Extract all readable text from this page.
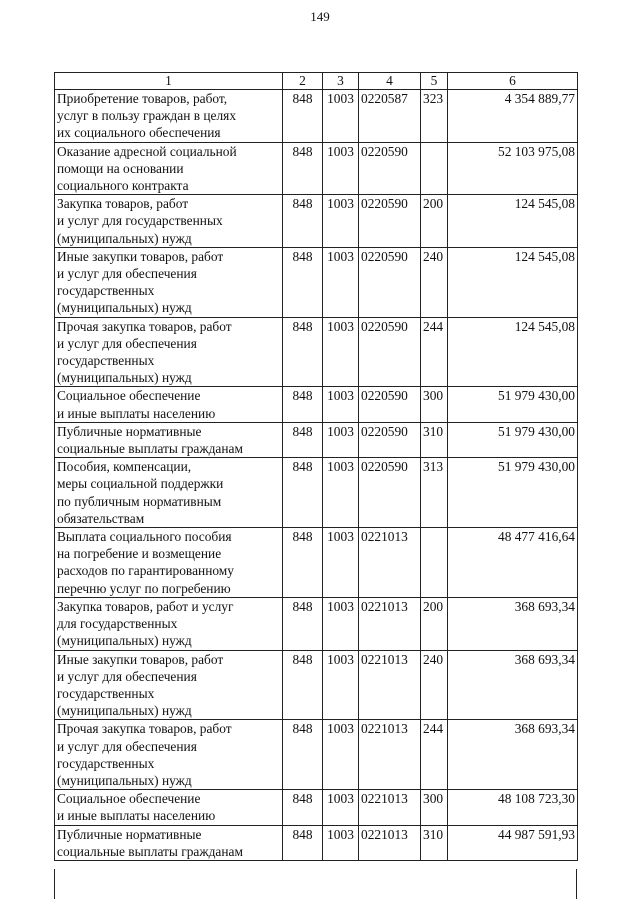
149
1	2	3	4	5	6

Приобретение товаров, работ,
услуг в пользу граждан в целях
их социального обеспечения	848	1003	0220587	323	4 354 889,77

Оказание адресной социальной
помощи на основании
социального контракта	848	1003	0220590		52 103 975,08

Закупка товаров, работ
и услуг для государственных
(муниципальных) нужд	848	1003	0220590	200	124 545,08

Иные закупки товаров, работ
и услуг для обеспечения
государственных
(муниципальных) нужд	848	1003	0220590	240	124 545,08

Прочая закупка товаров, работ
и услуг для обеспечения
государственных
(муниципальных) нужд	848	1003	0220590	244	124 545,08

Социальное обеспечение
и иные выплаты населению	848	1003	0220590	300	51 979 430,00

Публичные нормативные
социальные выплаты гражданам	848	1003	0220590	310	51 979 430,00

Пособия, компенсации,
меры социальной поддержки
по публичным нормативным
обязательствам	848	1003	0220590	313	51 979 430,00

Выплата социального пособия
на погребение и возмещение
расходов по гарантированному
перечню услуг по погребению	848	1003	0221013		48 477 416,64

Закупка товаров, работ и услуг
для государственных
(муниципальных) нужд	848	1003	0221013	200	368 693,34

Иные закупки товаров, работ
и услуг для обеспечения
государственных
(муниципальных) нужд	848	1003	0221013	240	368 693,34

Прочая закупка товаров, работ
и услуг для обеспечения
государственных
(муниципальных) нужд	848	1003	0221013	244	368 693,34

Социальное обеспечение
и иные выплаты населению	848	1003	0221013	300	48 108 723,30

Публичные нормативные
социальные выплаты гражданам	848	1003	0221013	310	44 987 591,93
